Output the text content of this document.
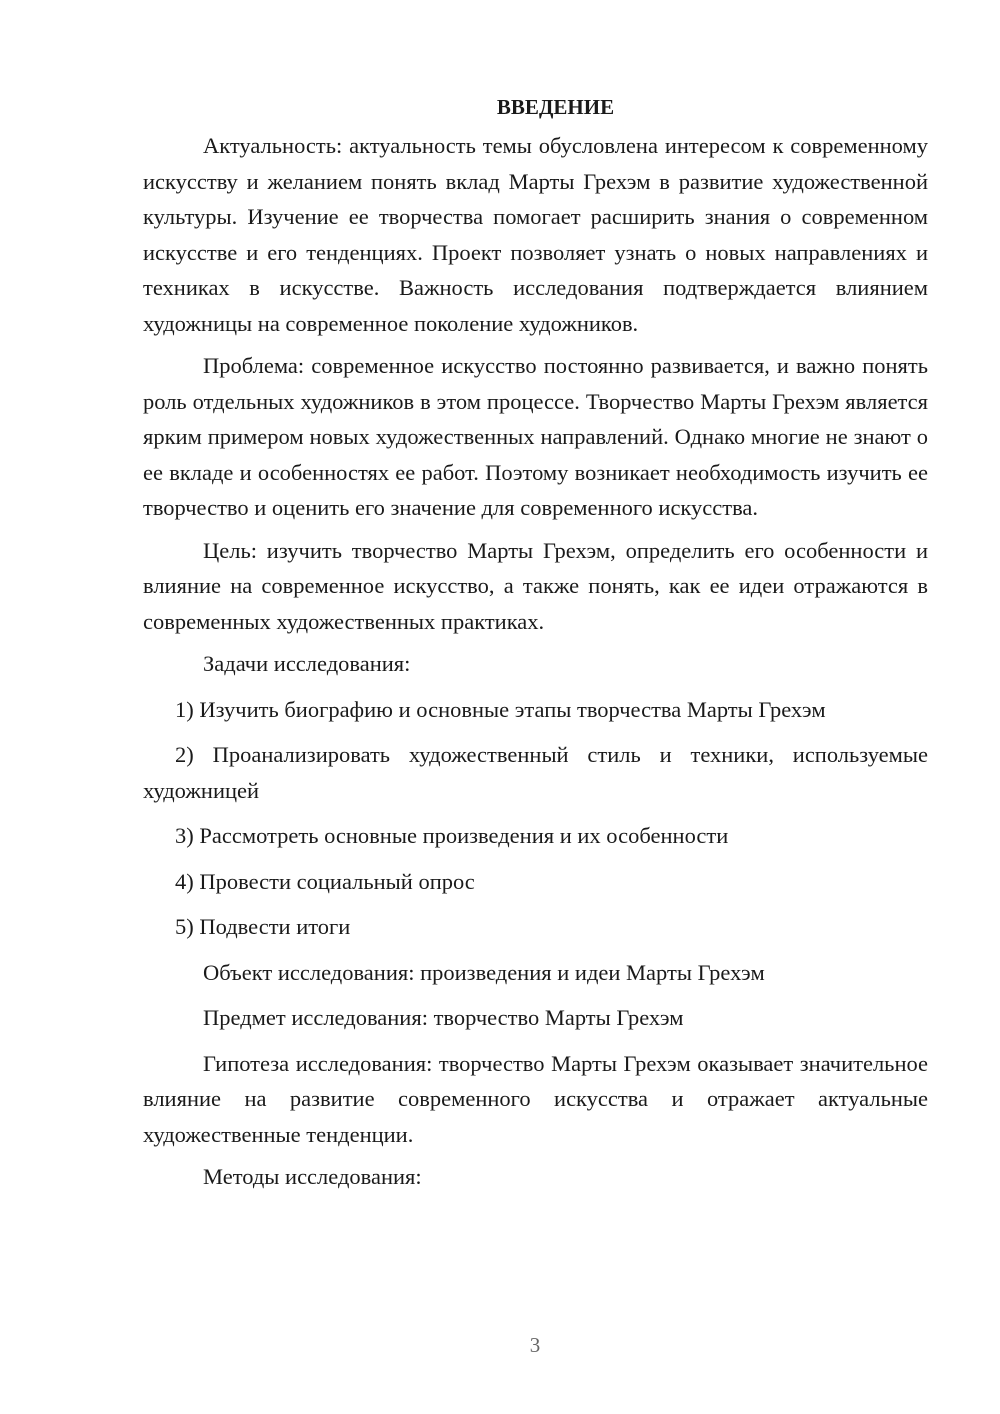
ВВЕДЕНИЕ

Актуальность: актуальность темы обусловлена интересом к современному искусству и желанием понять вклад Марты Грехэм в развитие художественной культуры. Изучение ее творчества помогает расширить знания о современном искусстве и его тенденциях. Проект позволяет узнать о новых направлениях и техниках в искусстве. Важность исследования подтверждается влиянием художницы на современное поколение художников.

Проблема: современное искусство постоянно развивается, и важно понять роль отдельных художников в этом процессе. Творчество Марты Грехэм является ярким примером новых художественных направлений. Однако многие не знают о ее вкладе и особенностях ее работ. Поэтому возникает необходимость изучить ее творчество и оценить его значение для современного искусства.

Цель: изучить творчество Марты Грехэм, определить его особенности и влияние на современное искусство, а также понять, как ее идеи отражаются в современных художественных практиках.

Задачи исследования:

1) Изучить биографию и основные этапы творчества Марты Грехэм

2) Проанализировать художественный стиль и техники, используемые художницей

3) Рассмотреть основные произведения и их особенности

4) Провести социальный опрос

5) Подвести итоги

Объект исследования: произведения и идеи Марты Грехэм

Предмет исследования: творчество Марты Грехэм

Гипотеза исследования: творчество Марты Грехэм оказывает значительное влияние на развитие современного искусства и отражает актуальные художественные тенденции.

Методы исследования:

3
